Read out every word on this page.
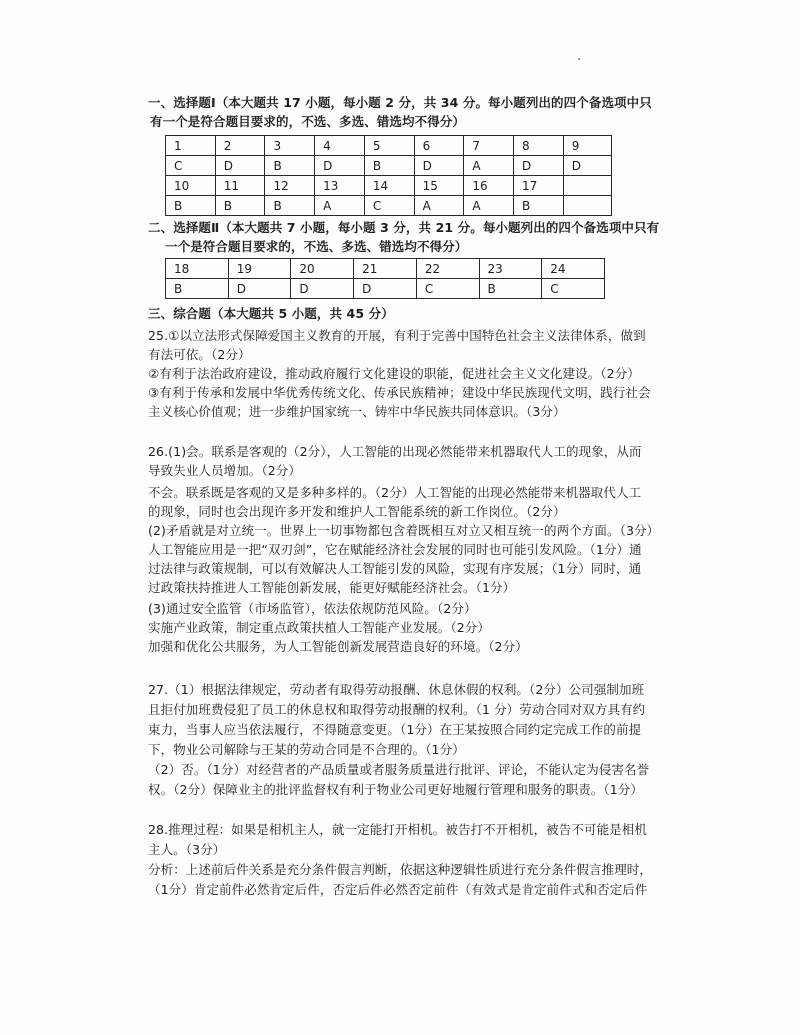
一、选择题Ⅰ（本大题共 17 小题，每小题 2 分，共 34 分。每小题列出的四个备选项中只
有一个是符合题目要求的，不选、多选、错选均不得分）
1	2	3	4	5	6	7	8	9
C	D	B	D	B	D	A	D	D
10	11	12	13	14	15	16	17	
B	B	B	A	C	A	A	B	
二、选择题Ⅱ（本大题共 7 小题，每小题 3 分，共 21 分。每小题列出的四个备选项中只有
一个是符合题目要求的，不选、多选、错选均不得分）
18	19	20	21	22	23	24
B	D	D	D	C	B	C
三、综合题（本大题共 5 小题，共 45 分）
25.①以立法形式保障爱国主义教育的开展，有利于完善中国特色社会主义法律体系，做到
有法可依。（2分）
②有利于法治政府建设，推动政府履行文化建设的职能，促进社会主义文化建设。（2分）
③有利于传承和发展中华优秀传统文化、传承民族精神；建设中华民族现代文明，践行社会
主义核心价值观；进一步维护国家统一、铸牢中华民族共同体意识。（3分）
26.(1)会。联系是客观的（2分），人工智能的出现必然能带来机器取代人工的现象，从而
导致失业人员增加。（2分）
不会。联系既是客观的又是多种多样的。（2分）人工智能的出现必然能带来机器取代人工
的现象，同时也会出现许多开发和维护人工智能系统的新工作岗位。（2分）
(2)矛盾就是对立统一。世界上一切事物都包含着既相互对立又相互统一的两个方面。（3分）
人工智能应用是一把“双刃剑”，它在赋能经济社会发展的同时也可能引发风险。（1分）通
过法律与政策规制，可以有效解决人工智能引发的风险，实现有序发展；（1分）同时，通
过政策扶持推进人工智能创新发展，能更好赋能经济社会。（1分）
(3)通过安全监管（市场监管），依法依规防范风险。（2分）
实施产业政策，制定重点政策扶植人工智能产业发展。（2分）
加强和优化公共服务，为人工智能创新发展营造良好的环境。（2分）
27.（1）根据法律规定，劳动者有取得劳动报酬、休息休假的权利。（2分）公司强制加班
且拒付加班费侵犯了员工的休息权和取得劳动报酬的权利。（1 分）劳动合同对双方具有约
束力，当事人应当依法履行，不得随意变更。（1分）在王某按照合同约定完成工作的前提
下，物业公司解除与王某的劳动合同是不合理的。（1分）
（2）否。（1分）对经营者的产品质量或者服务质量进行批评、评论，不能认定为侵害名誉
权。（2分）保障业主的批评监督权有利于物业公司更好地履行管理和服务的职责。（1分）
28.推理过程：如果是相机主人，就一定能打开相机。被告打不开相机，被告不可能是相机
主人。（3分）
分析：上述前后件关系是充分条件假言判断，依据这种逻辑性质进行充分条件假言推理时，
（1分）肯定前件必然肯定后件，否定后件必然否定前件（有效式是肯定前件式和否定后件
